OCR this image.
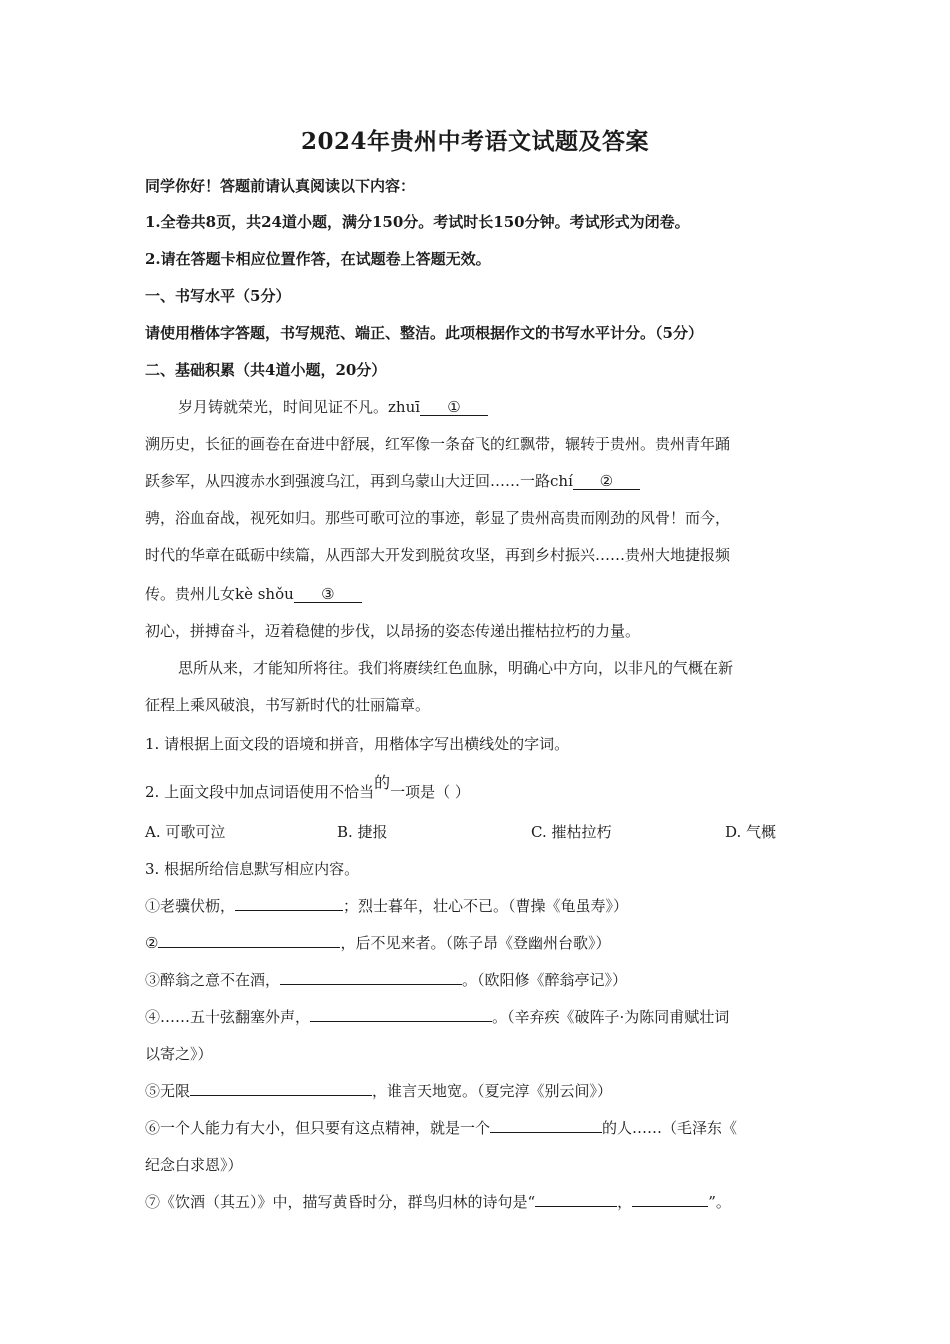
2024年贵州中考语文试题及答案
同学你好！答题前请认真阅读以下内容：
1.全卷共8页，共24道小题，满分150分。考试时长150分钟。考试形式为闭卷。
2.请在答题卡相应位置作答，在试题卷上答题无效。
一、书写水平（5分）
请使用楷体字答题，书写规范、端正、整洁。此项根据作文的书写水平计分。（5分）
二、基础积累（共4道小题，20分）
岁月铸就荣光，时间见证不凡。zhuī ①
溯历史，长征的画卷在奋进中舒展，红军像一条奋飞的红飘带，辗转于贵州。贵州青年踊
跃参军，从四渡赤水到强渡乌江，再到乌蒙山大迂回……一路chí ②
骋，浴血奋战，视死如归。那些可歌可泣的事迹，彰显了贵州高贵而刚劲的风骨！而今，
时代的华章在砥砺中续篇，从西部大开发到脱贫攻坚，再到乡村振兴……贵州大地捷报频
传。贵州儿女kè shǒu ③
初心，拼搏奋斗，迈着稳健的步伐，以昂扬的姿态传递出摧枯拉朽的力量。
思所从来，才能知所将往。我们将赓续红色血脉，明确心中方向，以非凡的气概在新
征程上乘风破浪，书写新时代的壮丽篇章。
1. 请根据上面文段的语境和拼音，用楷体字写出横线处的字词。
2. 上面文段中加点词语使用不恰当的一项是（ ）
A. 可歌可泣	B. 捷报	C. 摧枯拉朽	D. 气概
3. 根据所给信息默写相应内容。
①老骥伏枥，	；烈士暮年，壮心不已。（曹操《龟虽寿》）
②	，后不见来者。（陈子昂《登幽州台歌》）
③醉翁之意不在酒，	。（欧阳修《醉翁亭记》）
④……五十弦翻塞外声，	。（辛弃疾《破阵子·为陈同甫赋壮词
以寄之》）
⑤无限	，谁言天地宽。（夏完淳《别云间》）
⑥一个人能力有大小，但只要有这点精神，就是一个	的人……（毛泽东《
纪念白求恩》）
⑦《饮酒（其五）》中，描写黄昏时分，群鸟归林的诗句是“	，	”。
